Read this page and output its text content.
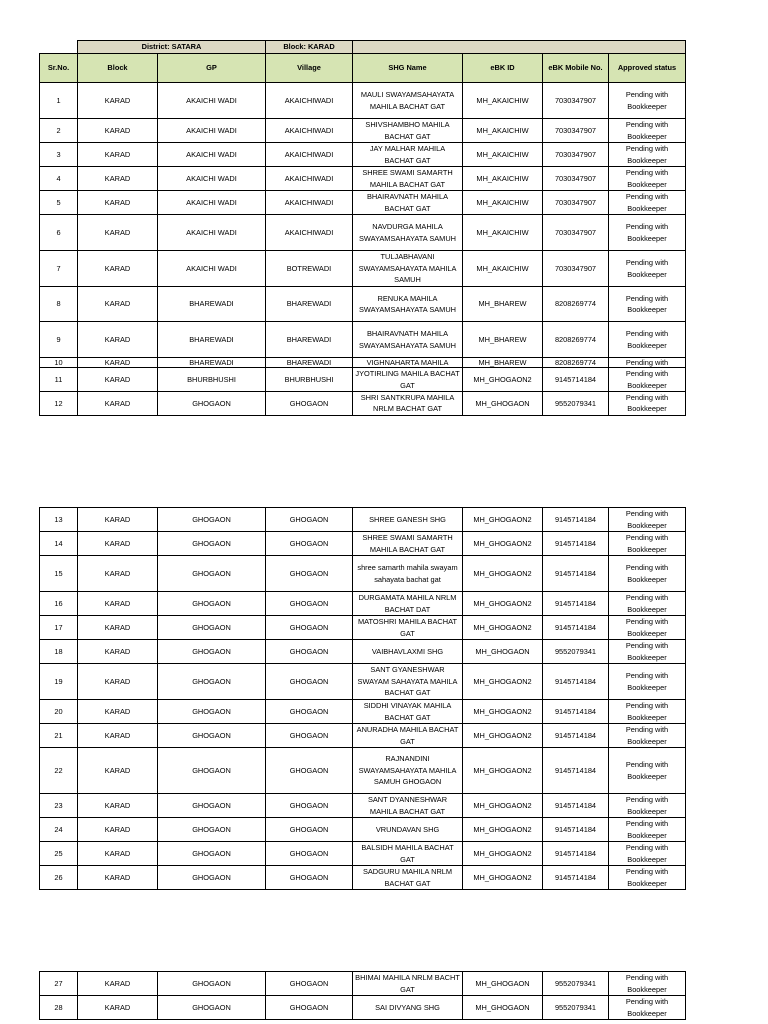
	District: SATARA		Block: KARAD				
Sr.No.	Block	GP	Village	SHG Name	eBK ID	eBK Mobile No.	Approved status
1	KARAD	AKAICHI WADI	AKAICHIWADI	MAULI SWAYAMSAHAYATA MAHILA BACHAT GAT	MH_AKAICHIW	7030347907	Pending with Bookkeeper
2	KARAD	AKAICHI WADI	AKAICHIWADI	SHIVSHAMBHO MAHILA BACHAT GAT	MH_AKAICHIW	7030347907	Pending with Bookkeeper
3	KARAD	AKAICHI WADI	AKAICHIWADI	JAY MALHAR MAHILA BACHAT GAT	MH_AKAICHIW	7030347907	Pending with Bookkeeper
4	KARAD	AKAICHI WADI	AKAICHIWADI	SHREE SWAMI SAMARTH MAHILA BACHAT GAT	MH_AKAICHIW	7030347907	Pending with Bookkeeper
5	KARAD	AKAICHI WADI	AKAICHIWADI	BHAIRAVNATH MAHILA BACHAT GAT	MH_AKAICHIW	7030347907	Pending with Bookkeeper
6	KARAD	AKAICHI WADI	AKAICHIWADI	NAVDURGA MAHILA SWAYAMSAHAYATA SAMUH	MH_AKAICHIW	7030347907	Pending with Bookkeeper
7	KARAD	AKAICHI WADI	BOTREWADI	TULJABHAVANI SWAYAMSAHAYATA MAHILA SAMUH	MH_AKAICHIW	7030347907	Pending with Bookkeeper
8	KARAD	BHAREWADI	BHAREWADI	RENUKA MAHILA SWAYAMSAHAYATA SAMUH	MH_BHAREW	8208269774	Pending with Bookkeeper
9	KARAD	BHAREWADI	BHAREWADI	BHAIRAVNATH MAHILA SWAYAMSAHAYATA SAMUH	MH_BHAREW	8208269774	Pending with Bookkeeper
10	KARAD	BHAREWADI	BHAREWADI	VIGHNAHARTA MAHILA	MH_BHAREW	8208269774	Pending with
11	KARAD	BHURBHUSHI	BHURBHUSHI	JYOTIRLING MAHILA BACHAT GAT	MH_GHOGAON2	9145714184	Pending with Bookkeeper
12	KARAD	GHOGAON	GHOGAON	SHRI SANTKRUPA MAHILA NRLM BACHAT GAT	MH_GHOGAON	9552079341	Pending with Bookkeeper
13	KARAD	GHOGAON	GHOGAON	SHREE GANESH SHG	MH_GHOGAON2	9145714184	Pending with Bookkeeper
14	KARAD	GHOGAON	GHOGAON	SHREE SWAMI SAMARTH MAHILA BACHAT GAT	MH_GHOGAON2	9145714184	Pending with Bookkeeper
15	KARAD	GHOGAON	GHOGAON	shree samarth mahila swayam sahayata bachat gat	MH_GHOGAON2	9145714184	Pending with Bookkeeper
16	KARAD	GHOGAON	GHOGAON	DURGAMATA MAHILA NRLM BACHAT DAT	MH_GHOGAON2	9145714184	Pending with Bookkeeper
17	KARAD	GHOGAON	GHOGAON	MATOSHRI MAHILA BACHAT GAT	MH_GHOGAON2	9145714184	Pending with Bookkeeper
18	KARAD	GHOGAON	GHOGAON	VAIBHAVLAXMI SHG	MH_GHOGAON	9552079341	Pending with Bookkeeper
19	KARAD	GHOGAON	GHOGAON	SANT GYANESHWAR SWAYAM SAHAYATA MAHILA BACHAT GAT	MH_GHOGAON2	9145714184	Pending with Bookkeeper
20	KARAD	GHOGAON	GHOGAON	SIDDHI VINAYAK MAHILA BACHAT GAT	MH_GHOGAON2	9145714184	Pending with Bookkeeper
21	KARAD	GHOGAON	GHOGAON	ANURADHA MAHILA BACHAT GAT	MH_GHOGAON2	9145714184	Pending with Bookkeeper
22	KARAD	GHOGAON	GHOGAON	RAJNANDINI SWAYAMSAHAYATA MAHILA SAMUH GHOGAON	MH_GHOGAON2	9145714184	Pending with Bookkeeper
23	KARAD	GHOGAON	GHOGAON	SANT DYANNESHWAR MAHILA BACHAT GAT	MH_GHOGAON2	9145714184	Pending with Bookkeeper
24	KARAD	GHOGAON	GHOGAON	VRUNDAVAN SHG	MH_GHOGAON2	9145714184	Pending with Bookkeeper
25	KARAD	GHOGAON	GHOGAON	BALSIDH MAHILA BACHAT GAT	MH_GHOGAON2	9145714184	Pending with Bookkeeper
26	KARAD	GHOGAON	GHOGAON	SADGURU MAHILA NRLM BACHAT GAT	MH_GHOGAON2	9145714184	Pending with Bookkeeper
27	KARAD	GHOGAON	GHOGAON	BHIMAI MAHILA NRLM BACHT GAT	MH_GHOGAON	9552079341	Pending with Bookkeeper
28	KARAD	GHOGAON	GHOGAON	SAI DIVYANG SHG	MH_GHOGAON	9552079341	Pending with Bookkeeper
